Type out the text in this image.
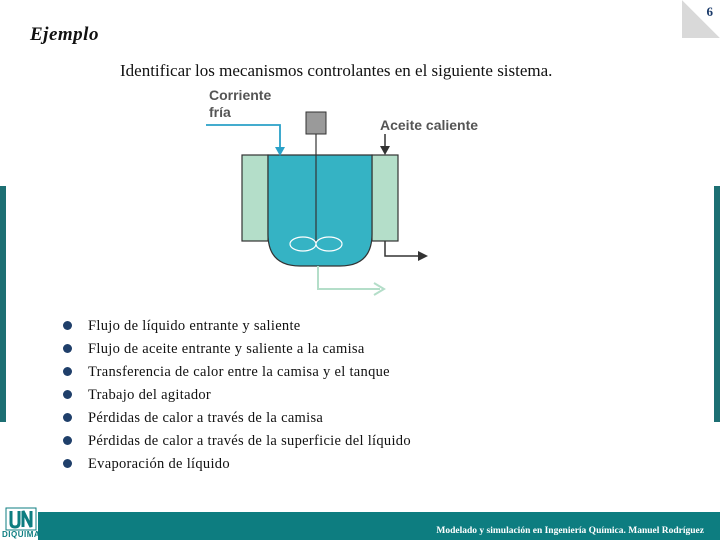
6
Ejemplo
Identificar los mecanismos controlantes en el siguiente sistema.
Corriente
fría
Aceite caliente
Flujo de líquido entrante y saliente
Flujo de aceite entrante y saliente a la camisa
Transferencia de calor entre la camisa y el tanque
Trabajo del agitador
Pérdidas de calor a través de la camisa
Pérdidas de calor a través de la superficie del líquido
Evaporación de líquido
Modelado y simulación en Ingeniería Química. Manuel Rodríguez
DIQUIMA
